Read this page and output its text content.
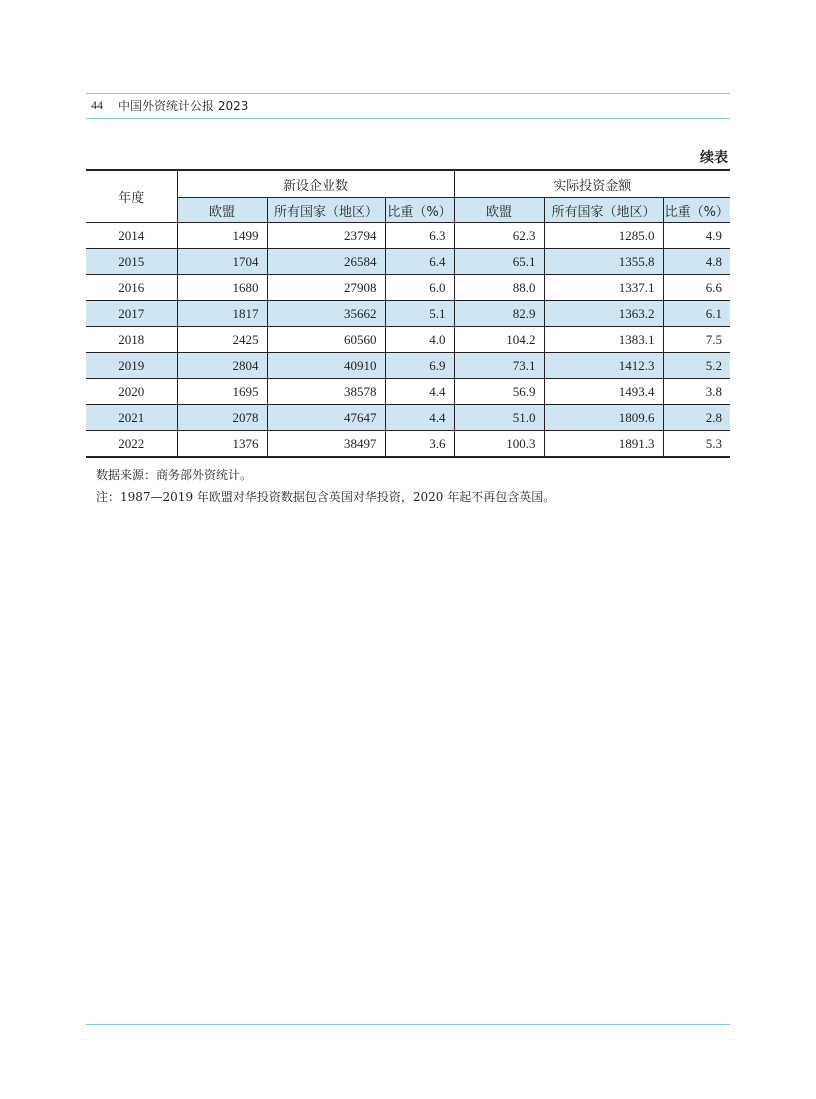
44 中国外资统计公报 2023
续表
年度	新设企业数			实际投资金额		
	欧盟	所有国家（地区）	比重（%）	欧盟	所有国家（地区）	比重（%）
2014	1499	23794	6.3	62.3	1285.0	4.9
2015	1704	26584	6.4	65.1	1355.8	4.8
2016	1680	27908	6.0	88.0	1337.1	6.6
2017	1817	35662	5.1	82.9	1363.2	6.1
2018	2425	60560	4.0	104.2	1383.1	7.5
2019	2804	40910	6.9	73.1	1412.3	5.2
2020	1695	38578	4.4	56.9	1493.4	3.8
2021	2078	47647	4.4	51.0	1809.6	2.8
2022	1376	38497	3.6	100.3	1891.3	5.3
数据来源：商务部外资统计。
注：1987—2019 年欧盟对华投资数据包含英国对华投资，2020 年起不再包含英国。
